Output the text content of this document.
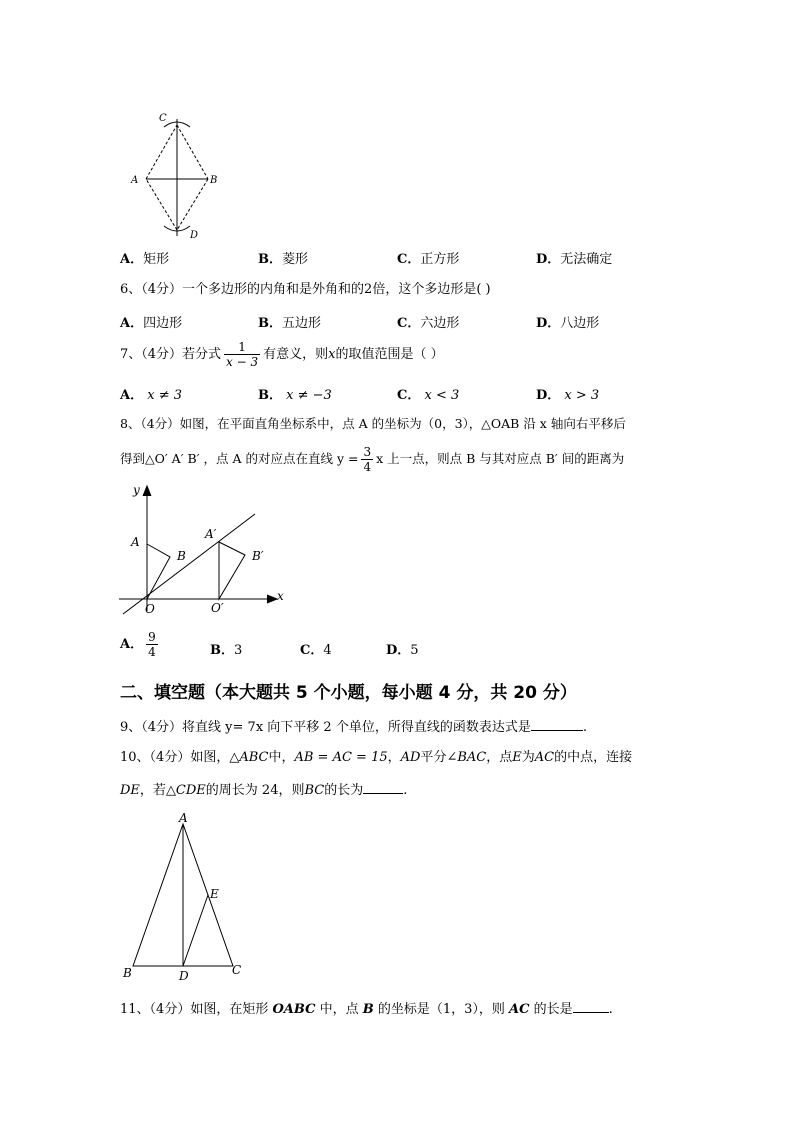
C
A	B
D
A．矩形	B．菱形	C．正方形	D．无法确定
6、（4分）一个多边形的内角和是外角和的2倍，这个多边形是( )
A．四边形	B．五边形	C．六边形	D．八边形
7、（4分）若分式 $\frac{1}{x - 3}$ 有意义，则x的取值范围是（ ）
A． x ≠ 3	B． x ≠ −3	C． x < 3	D． x > 3
8、（4分）如图，在平面直角坐标系中，点 A 的坐标为（0，3），△OAB 沿 x 轴向右平移后
得到△O′ A′ B′ ，点 A 的对应点在直线 $y = \frac{3}{4}$ x 上一点，则点 B 与其对应点 B′ 间的距离为
y
x
A
B
O
A′
B′
O′
A． $\frac{9}{4}$	B．3	C．4	D．5
二、填空题（本大题共 5 个小题，每小题 4 分，共 20 分）
9、（4分）将直线 y= 7x 向下平移 2 个单位，所得直线的函数表达式是	.
10、（4分）如图，△ABC中，AB = AC = 15，AD平分∠BAC，点E为AC的中点，连接
DE，若△CDE的周长为 24，则BC的长为	.
A
B	C
D
E
11、（4分）如图，在矩形 OABC 中，点 B 的坐标是（1，3），则 AC 的长是	.
